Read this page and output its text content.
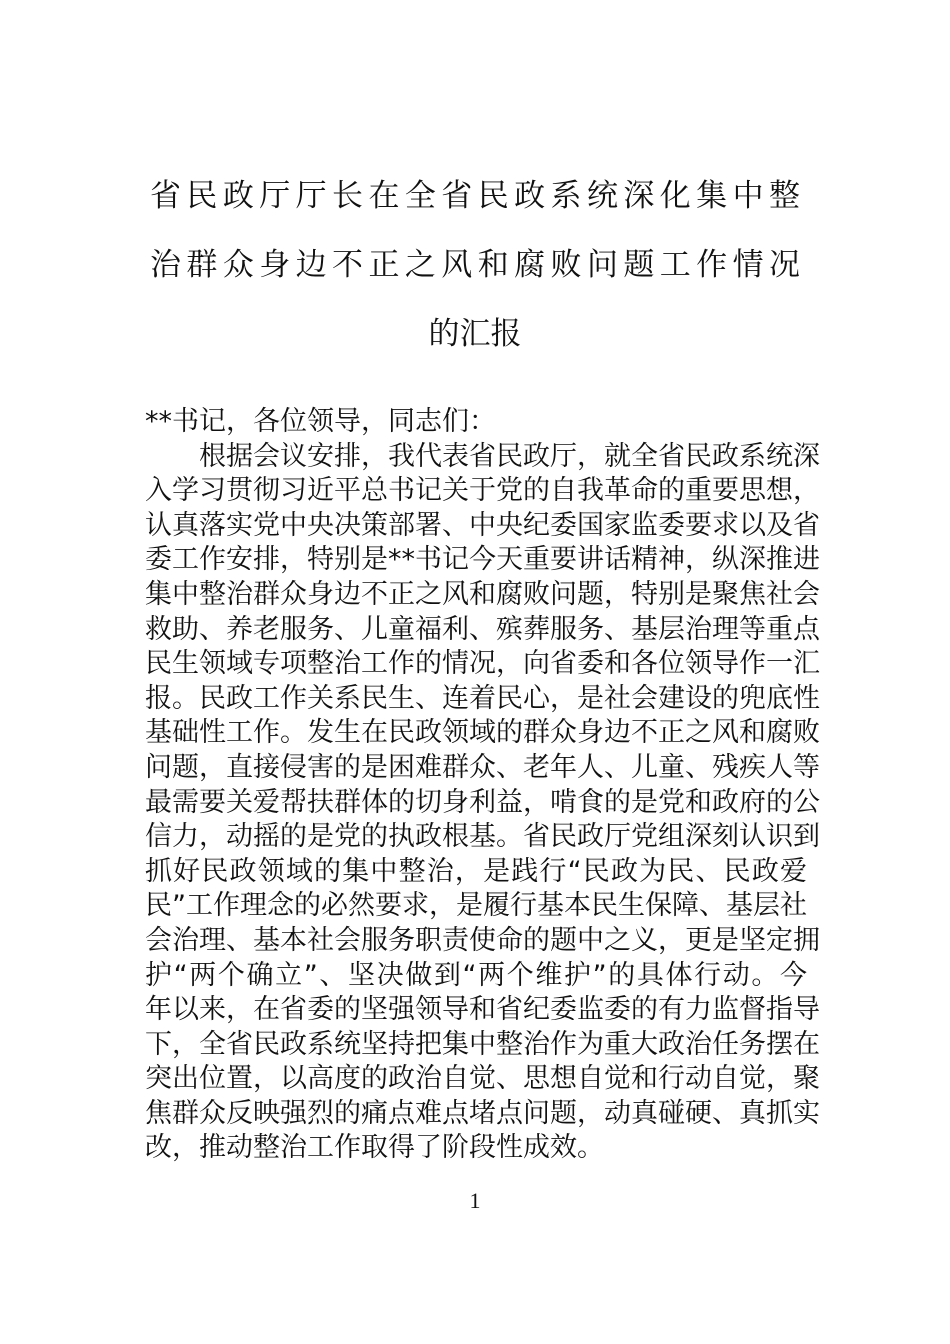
省民政厅厅长在全省民政系统深化集中整
治群众身边不正之风和腐败问题工作情况
的汇报
**书记，各位领导，同志们：
　　根据会议安排，我代表省民政厅，就全省民政系统深
入学习贯彻习近平总书记关于党的自我革命的重要思想，
认真落实党中央决策部署、中央纪委国家监委要求以及省
委工作安排，特别是**书记今天重要讲话精神，纵深推进
集中整治群众身边不正之风和腐败问题，特别是聚焦社会
救助、养老服务、儿童福利、殡葬服务、基层治理等重点
民生领域专项整治工作的情况，向省委和各位领导作一汇
报。民政工作关系民生、连着民心，是社会建设的兜底性
基础性工作。发生在民政领域的群众身边不正之风和腐败
问题，直接侵害的是困难群众、老年人、儿童、残疾人等
最需要关爱帮扶群体的切身利益，啃食的是党和政府的公
信力，动摇的是党的执政根基。省民政厅党组深刻认识到
抓好民政领域的集中整治，是践行“民政为民、民政爱
民”工作理念的必然要求，是履行基本民生保障、基层社
会治理、基本社会服务职责使命的题中之义，更是坚定拥
护“两个确立”、坚决做到“两个维护”的具体行动。今
年以来，在省委的坚强领导和省纪委监委的有力监督指导
下，全省民政系统坚持把集中整治作为重大政治任务摆在
突出位置，以高度的政治自觉、思想自觉和行动自觉，聚
焦群众反映强烈的痛点难点堵点问题，动真碰硬、真抓实
改，推动整治工作取得了阶段性成效。
1
